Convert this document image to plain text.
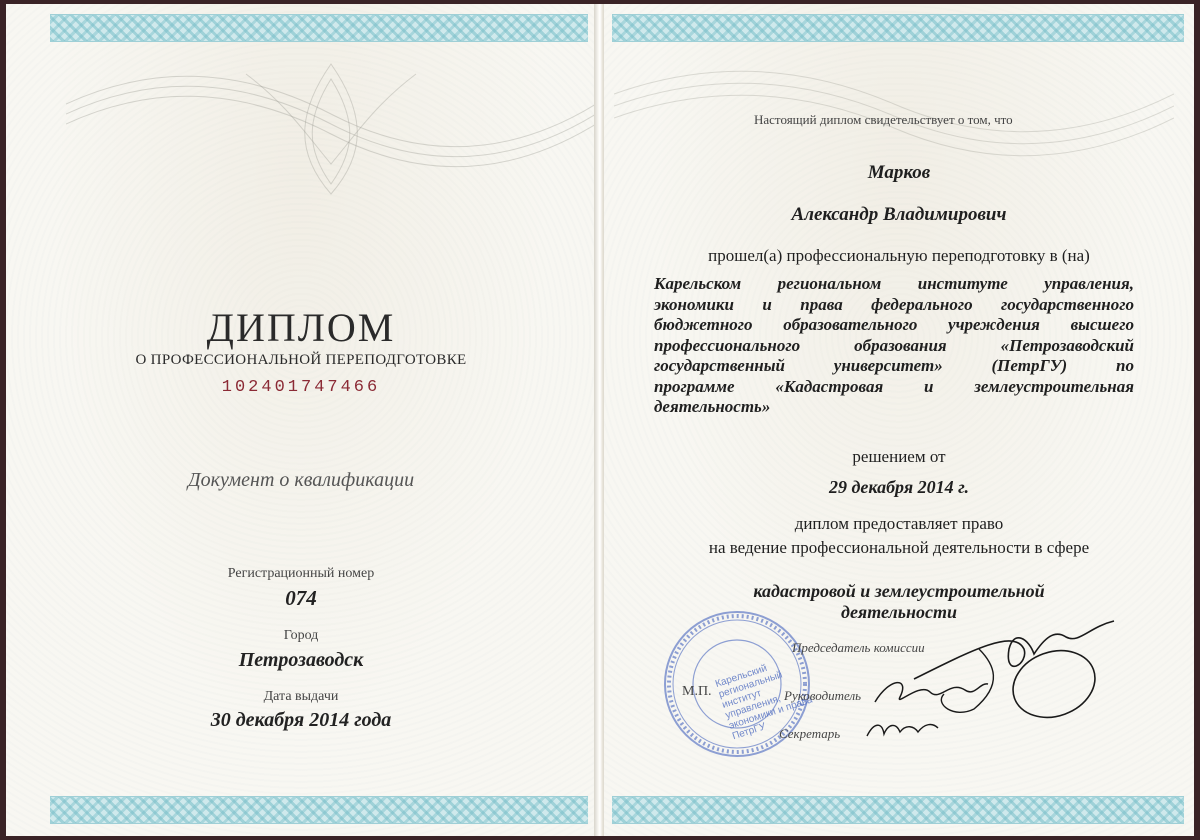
ДИПЛОМ
О ПРОФЕССИОНАЛЬНОЙ ПЕРЕПОДГОТОВКЕ
102401747466
Документ о квалификации
Регистрационный номер
074
Город
Петрозаводск
Дата выдачи
30 декабря 2014 года
Настоящий диплом свидетельствует о том, что
Марков
Александр Владимирович
прошел(а) профессиональную переподготовку в (на)
Карельском региональном институте управления,
экономики и права федерального государственного
бюджетного образовательного учреждения высшего
профессионального образования «Петрозаводский
государственный университет» (ПетрГУ) по
программе «Кадастровая и землеустроительная
деятельность»
решением от
29 декабря 2014 г.
диплом предоставляет право
на ведение профессиональной деятельности в сфере
кадастровой и землеустроительной
деятельности
Карельский региональный институт управления, экономики и права ПетрГУ
Председатель комиссии
М.П.	Руководитель
Секретарь
